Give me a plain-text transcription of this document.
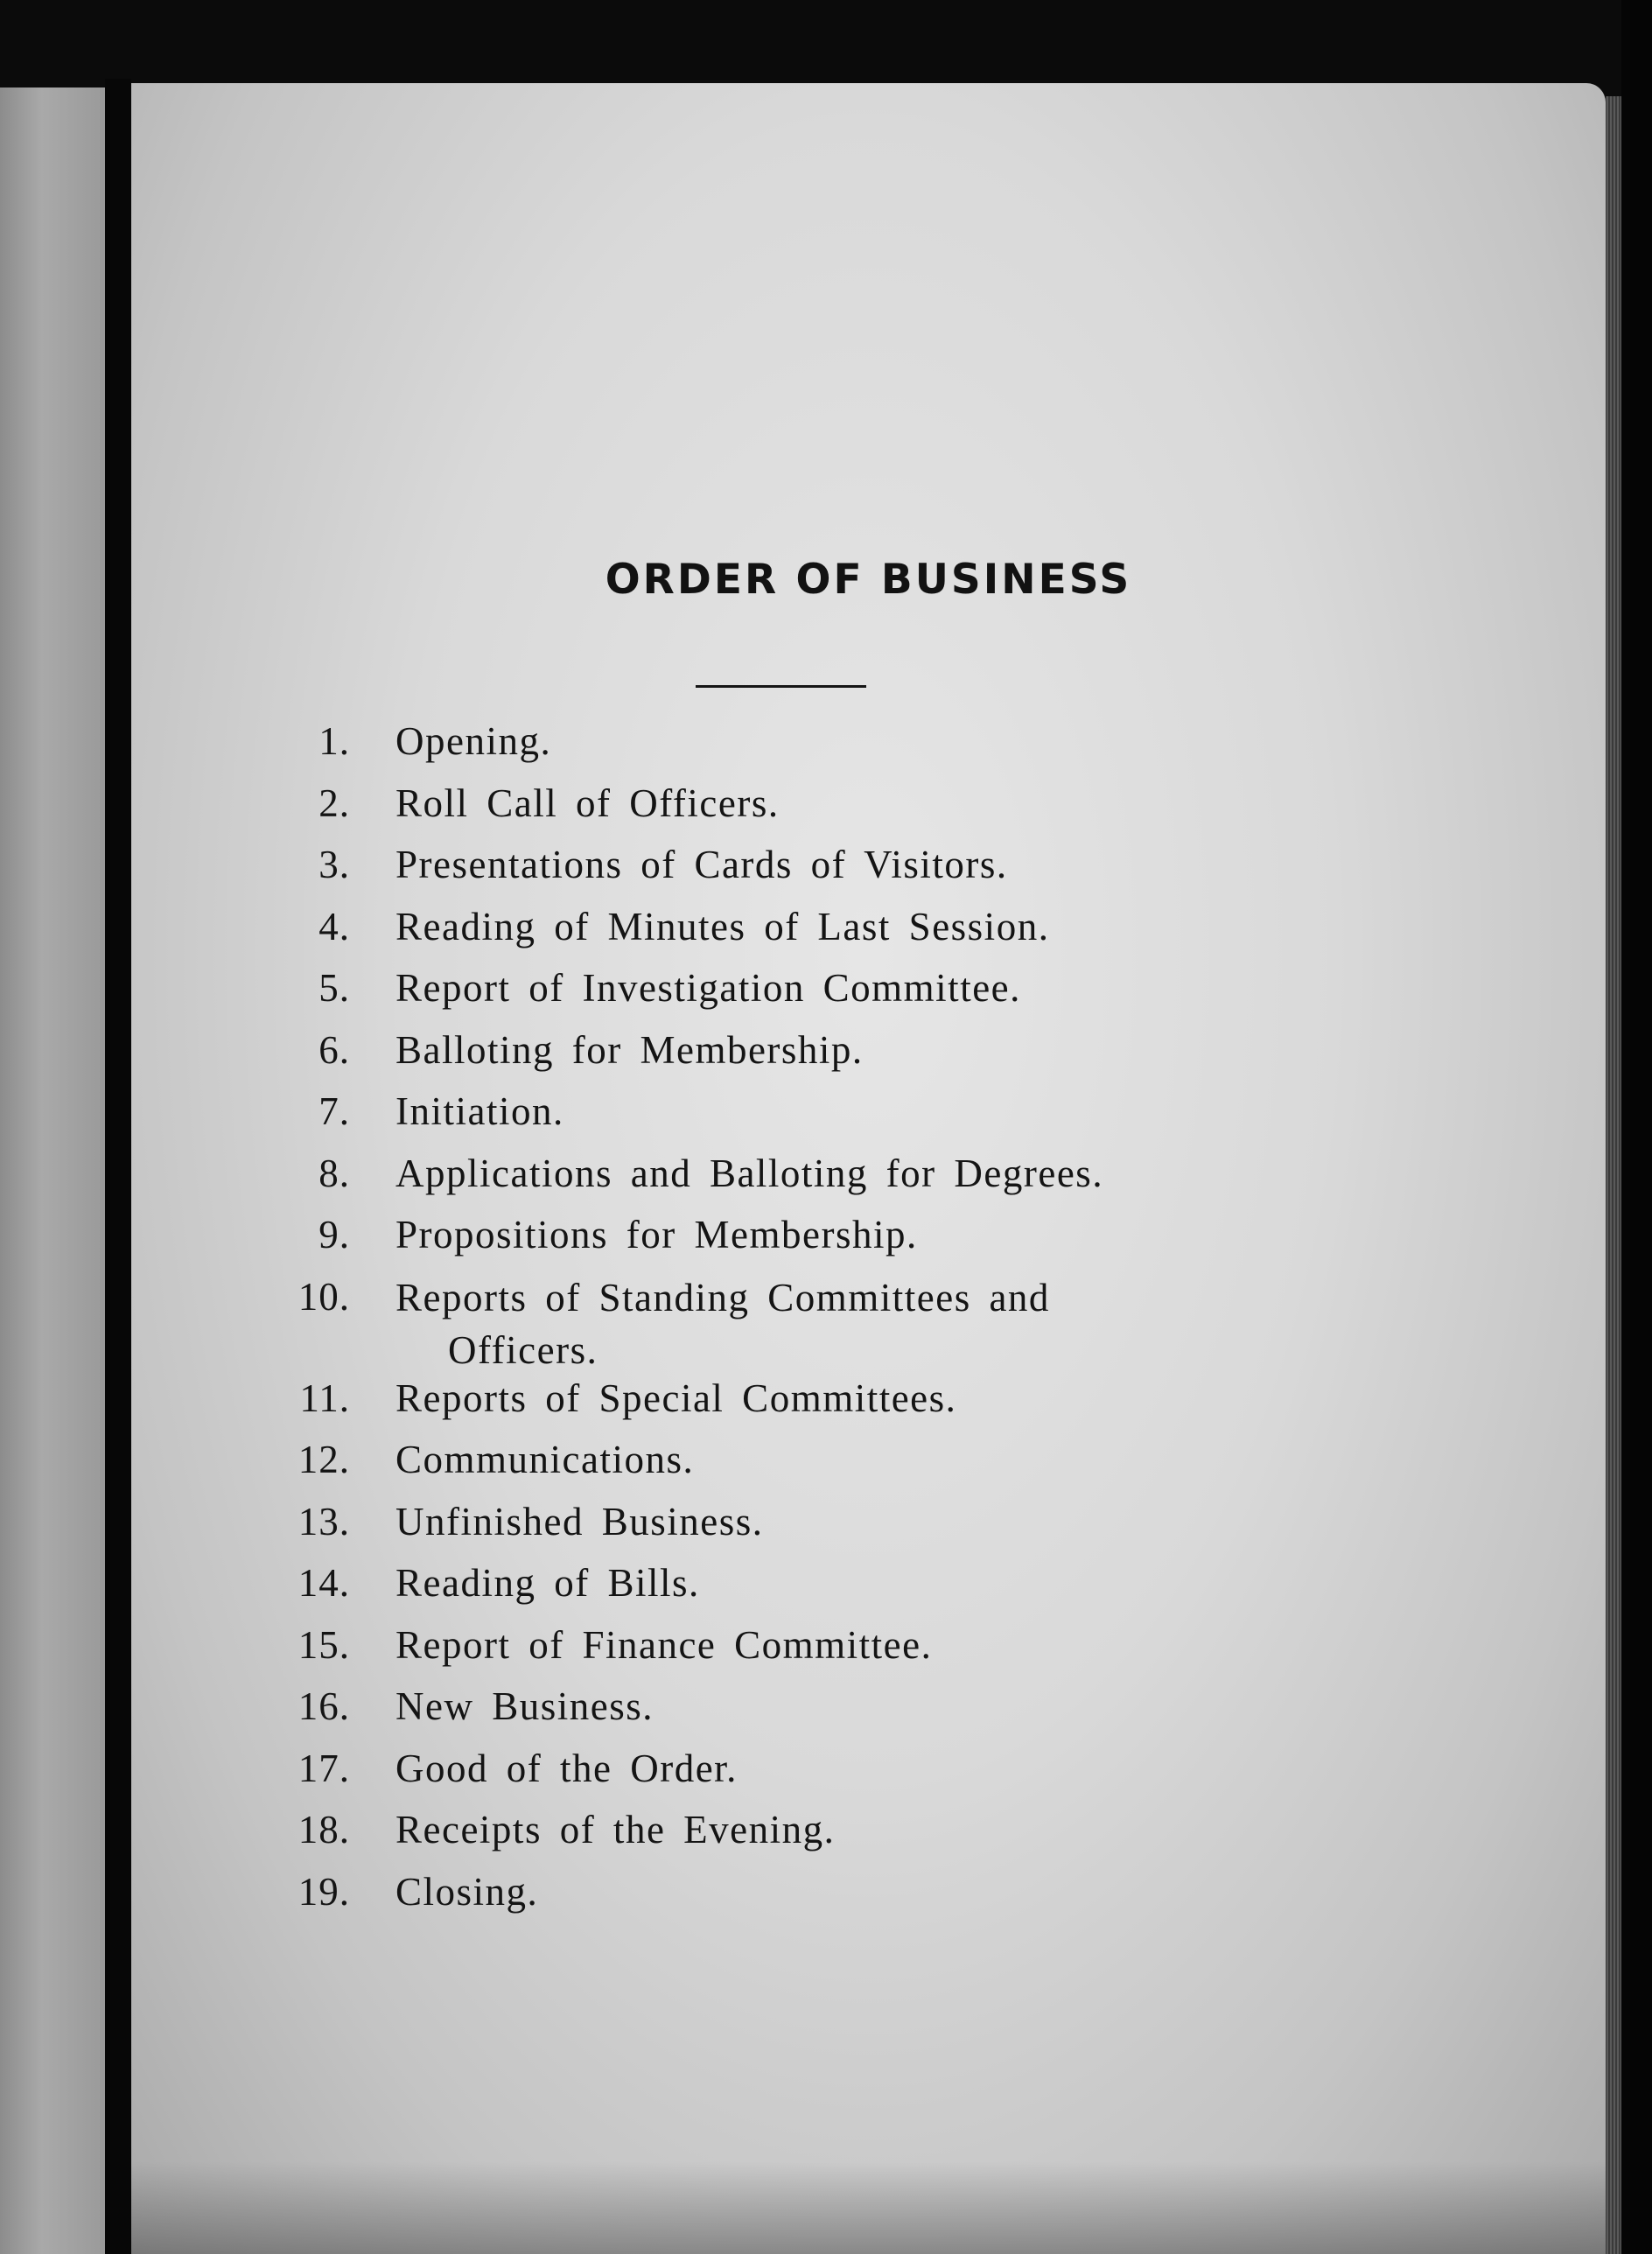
ORDER OF BUSINESS
1. Opening.
2. Roll Call of Officers.
3. Presentations of Cards of Visitors.
4. Reading of Minutes of Last Session.
5. Report of Investigation Committee.
6. Balloting for Membership.
7. Initiation.
8. Applications and Balloting for Degrees.
9. Propositions for Membership.
10. Reports of Standing Committees and
Officers.
11. Reports of Special Committees.
12. Communications.
13. Unfinished Business.
14. Reading of Bills.
15. Report of Finance Committee.
16. New Business.
17. Good of the Order.
18. Receipts of the Evening.
19. Closing.
